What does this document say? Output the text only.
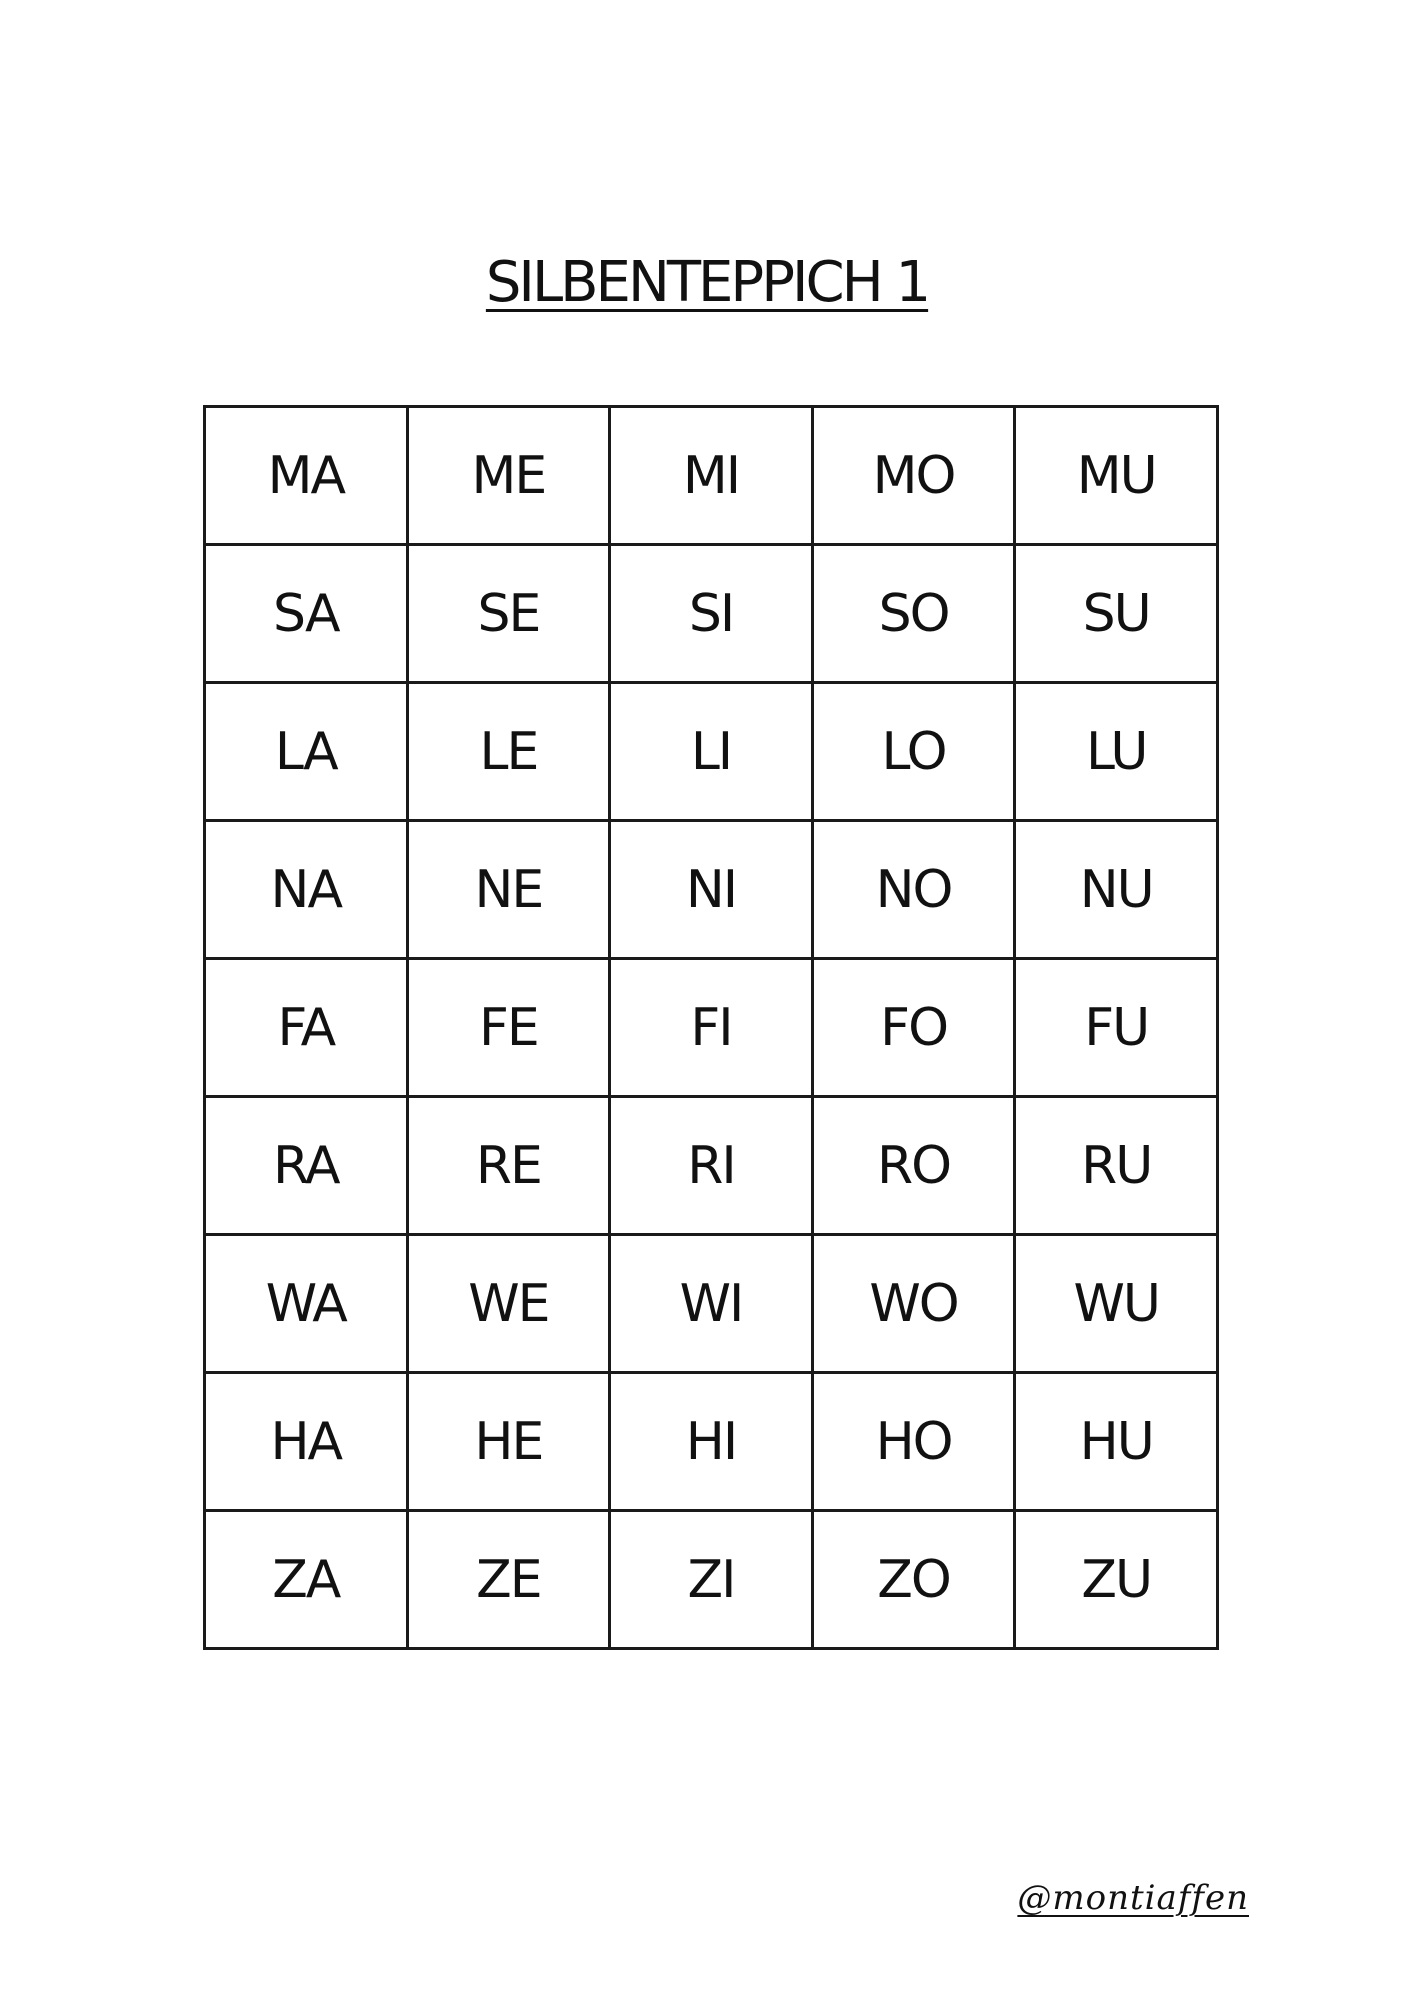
SILBENTEPPICH 1
MA	ME	MI	MO	MU
SA	SE	SI	SO	SU
LA	LE	LI	LO	LU
NA	NE	NI	NO	NU
FA	FE	FI	FO	FU
RA	RE	RI	RO	RU
WA	WE	WI	WO	WU
HA	HE	HI	HO	HU
ZA	ZE	ZI	ZO	ZU
@montiaffen
